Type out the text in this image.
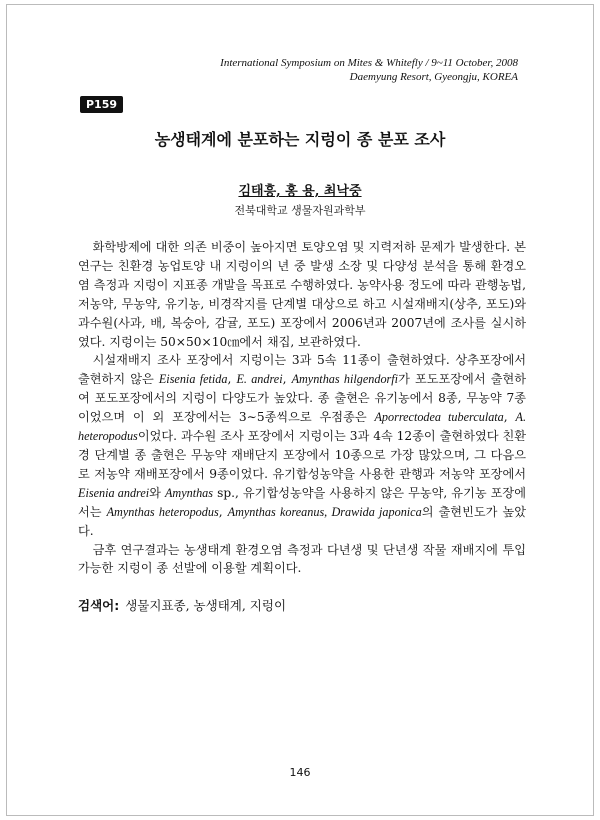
International Symposium on Mites & Whitefly / 9~11 October, 2008
Daemyung Resort, Gyeongju, KOREA
P159
농생태계에 분포하는 지렁이 종 분포 조사
김태흥, 홍 용, 최낙중
전북대학교 생물자원과학부

화학방제에 대한 의존 비중이 높아지면 토양오염 및 지력저하 문제가 발생한다. 본 연구는 친환경 농업토양 내 지렁이의 년 중 발생 소장 및 다양성 분석을 통해 환경오염 측정과 지렁이 지표종 개발을 목표로 수행하였다. 농약사용 정도에 따라 관행농법, 저농약, 무농약, 유기농, 비경작지를 단계별 대상으로 하고 시설재배지(상추, 포도)와 과수원(사과, 배, 복숭아, 감귤, 포도) 포장에서 2006년과 2007년에 조사를 실시하였다. 지렁이는 50×50×10㎝에서 채집, 보관하였다.

시설재배지 조사 포장에서 지렁이는 3과 5속 11종이 출현하였다. 상추포장에서 출현하지 않은 Eisenia fetida, E. andrei, Amynthas hilgendorfi가 포도포장에서 출현하여 포도포장에서의 지렁이 다양도가 높았다. 종 출현은 유기농에서 8종, 무농약 7종이었으며 이 외 포장에서는 3∼5종씩으로 우점종은 Aporrectodea tuberculata, A. heteropodus이었다. 과수원 조사 포장에서 지렁이는 3과 4속 12종이 출현하였다 친환경 단계별 종 출현은 무농약 재배단지 포장에서 10종으로 가장 많았으며, 그 다음으로 저농약 재배포장에서 9종이었다. 유기합성농약을 사용한 관행과 저농약 포장에서 Eisenia andrei와 Amynthas sp., 유기합성농약을 사용하지 않은 무농약, 유기농 포장에서는 Amynthas heteropodus, Amynthas koreanus, Drawida japonica의 출현빈도가 높았다.

금후 연구결과는 농생태계 환경오염 측정과 다년생 및 단년생 작물 재배지에 투입 가능한 지렁이 종 선발에 이용할 계획이다.

검색어: 생물지표종, 농생태계, 지렁이
146
